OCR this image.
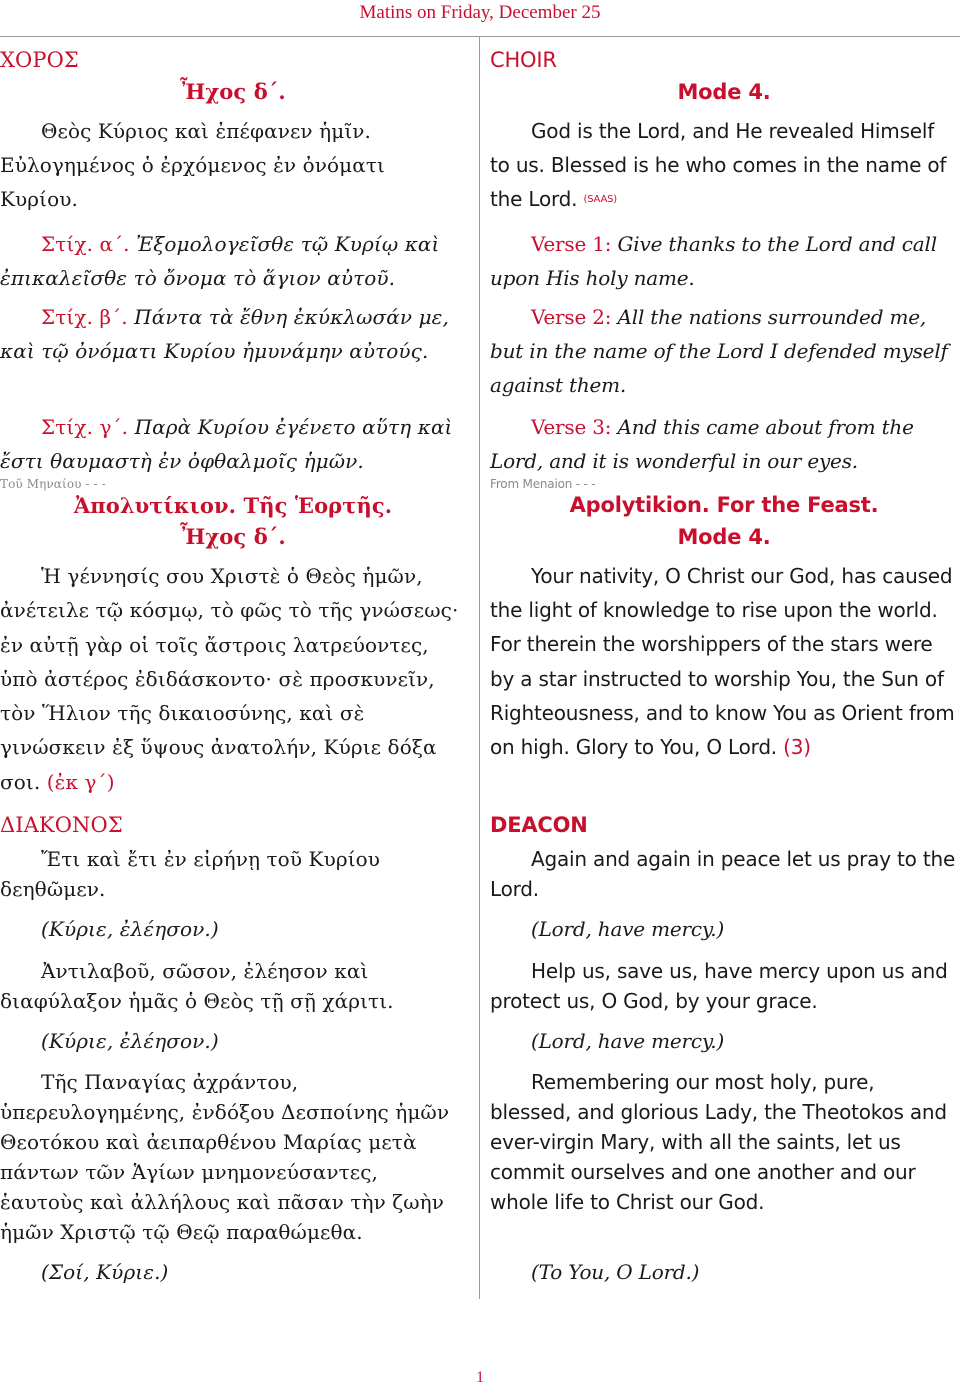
Matins on Friday, December 25

ΧΟΡΟΣ

Ἦχος δ΄.

Θεὸς Κύριος καὶ ἐπέφανεν ἡμῖν. Εὐλογημένος ὁ ἐρχόμενος ἐν ὀνόματι Κυρίου.

Στίχ. α΄. Ἐξομολογεῖσθε τῷ Κυρίῳ καὶ ἐπικαλεῖσθε τὸ ὄνομα τὸ ἅγιον αὐτοῦ.

Στίχ. β΄. Πάντα τὰ ἔθνη ἐκύκλωσάν με, καὶ τῷ ὀνόματι Κυρίου ἠμυνάμην αὐτούς.

Στίχ. γ΄. Παρὰ Κυρίου ἐγένετο αὕτη καὶ ἔστι θαυμαστὴ ἐν ὀφθαλμοῖς ἡμῶν.

Τοῦ Μηναίου - - -

Ἀπολυτίκιον. Τῆς Ἑορτῆς.

Ἦχος δ΄.

Ἡ γέννησίς σου Χριστὲ ὁ Θεὸς ἡμῶν, ἀνέτειλε τῷ κόσμῳ, τὸ φῶς τὸ τῆς γνώσεως· ἐν αὐτῇ γὰρ οἱ τοῖς ἄστροις λατρεύοντες, ὑπὸ ἀστέρος ἐδιδάσκοντο· σὲ προσκυνεῖν, τὸν Ἥλιον τῆς δικαιοσύνης, καὶ σὲ γινώσκειν ἐξ ὕψους ἀνατολήν, Κύριε δόξα σοι. (ἐκ γ΄)

ΔΙΑΚΟΝΟΣ

Ἔτι καὶ ἔτι ἐν εἰρήνῃ τοῦ Κυρίου δεηθῶμεν.

(Κύριε, ἐλέησον.)

Ἀντιλαβοῦ, σῶσον, ἐλέησον καὶ διαφύλαξον ἡμᾶς ὁ Θεὸς τῇ σῇ χάριτι.

(Κύριε, ἐλέησον.)

Τῆς Παναγίας ἀχράντου, ὑπερευλογημένης, ἐνδόξου Δεσποίνης ἡμῶν Θεοτόκου καὶ ἀειπαρθένου Μαρίας μετὰ πάντων τῶν Ἁγίων μνημονεύσαντες, ἑαυτοὺς καὶ ἀλλήλους καὶ πᾶσαν τὴν ζωὴν ἡμῶν Χριστῷ τῷ Θεῷ παραθώμεθα.

(Σοί, Κύριε.)

CHOIR

Mode 4.

God is the Lord, and He revealed Himself to us. Blessed is he who comes in the name of the Lord. $^{(SAAS)}$

Verse 1: Give thanks to the Lord and call upon His holy name.

Verse 2: All the nations surrounded me, but in the name of the Lord I defended myself against them.

Verse 3: And this came about from the Lord, and it is wonderful in our eyes.

From Menaion - - -

Apolytikion. For the Feast.

Mode 4.

Your nativity, O Christ our God, has caused the light of knowledge to rise upon the world. For therein the worshippers of the stars were by a star instructed to worship You, the Sun of Righteousness, and to know You as Orient from on high. Glory to You, O Lord. (3)

DEACON

Again and again in peace let us pray to the Lord.

(Lord, have mercy.)

Help us, save us, have mercy upon us and protect us, O God, by your grace.

(Lord, have mercy.)

Remembering our most holy, pure, blessed, and glorious Lady, the Theotokos and ever-virgin Mary, with all the saints, let us commit ourselves and one another and our whole life to Christ our God.

(To You, O Lord.)

1
